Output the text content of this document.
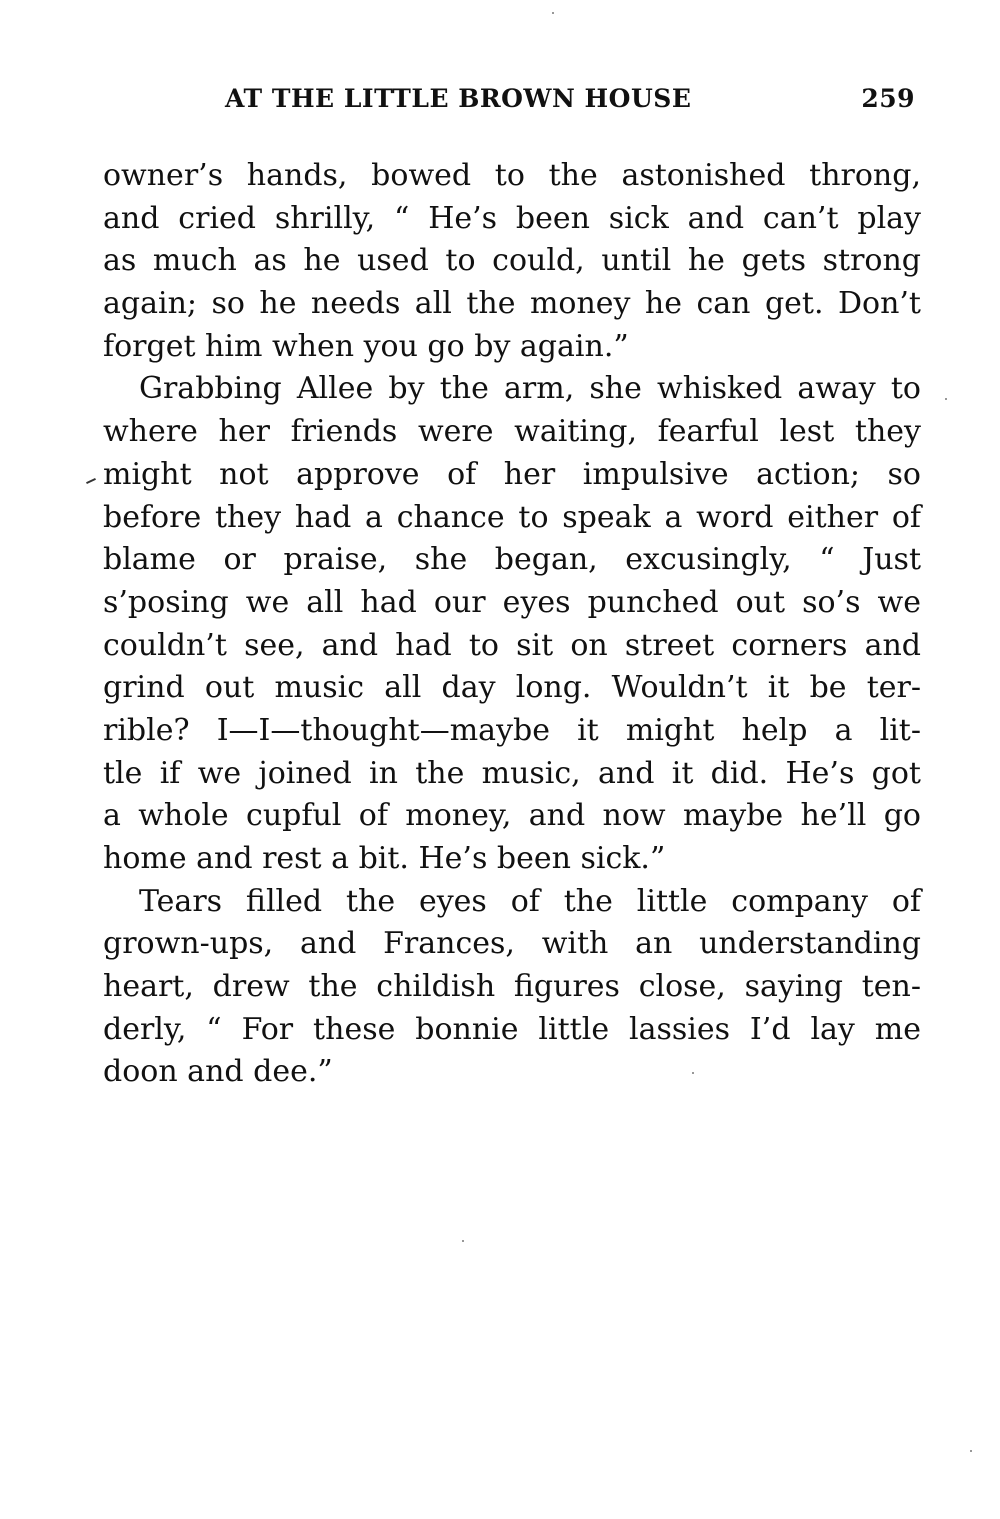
AT THE LITTLE BROWN HOUSE	259
owner’s hands, bowed to the astonished throng,
and cried shrilly, “ He’s been sick and can’t play
as much as he used to could, until he gets strong
again; so he needs all the money he can get. Don’t
forget him when you go by again.”
Grabbing Allee by the arm, she whisked away to
where her friends were waiting, fearful lest they
might not approve of her impulsive action; so
before they had a chance to speak a word either of
blame or praise, she began, excusingly, “ Just
s’posing we all had our eyes punched out so’s we
couldn’t see, and had to sit on street corners and
grind out music all day long. Wouldn’t it be ter-
rible? I—I—thought—maybe it might help a lit-
tle if we joined in the music, and it did. He’s got
a whole cupful of money, and now maybe he’ll go
home and rest a bit. He’s been sick.”
Tears filled the eyes of the little company of
grown-ups, and Frances, with an understanding
heart, drew the childish figures close, saying ten-
derly, “ For these bonnie little lassies I’d lay me
doon and dee.”
